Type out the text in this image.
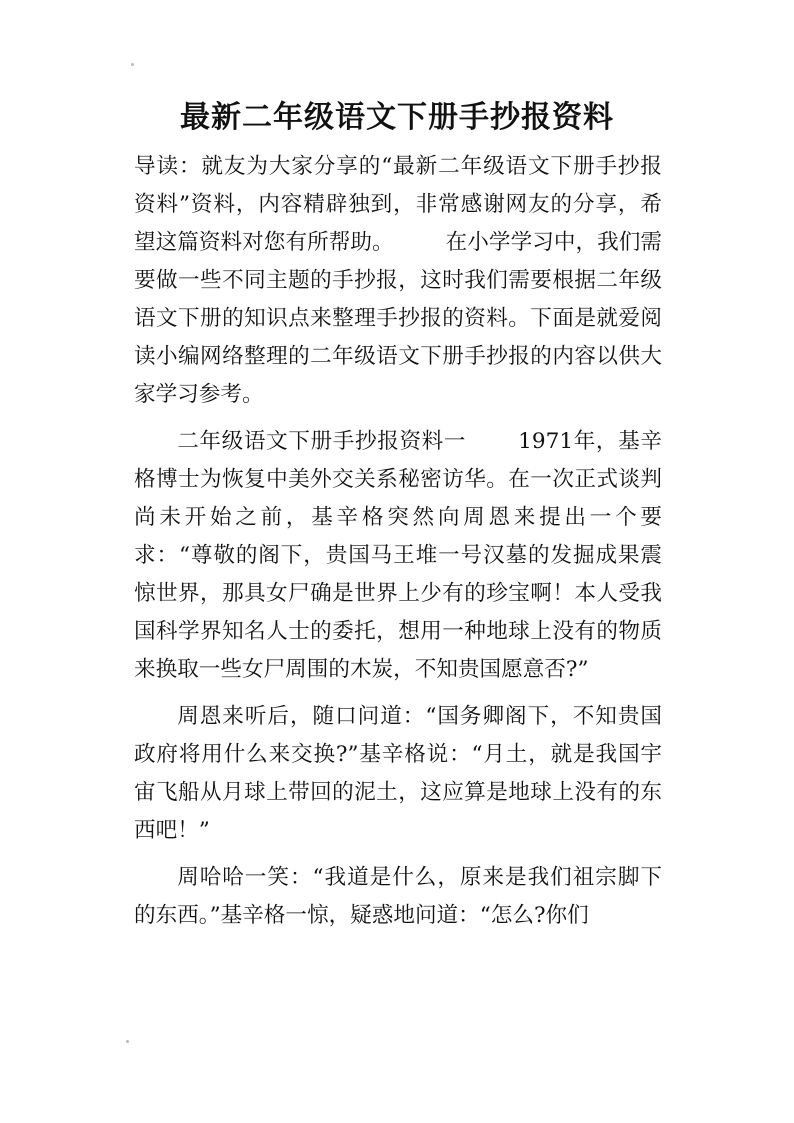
最新二年级语文下册手抄报资料

导读：就友为大家分享的“最新二年级语文下册手抄报资料”资料，内容精辟独到，非常感谢网友的分享，希望这篇资料对您有所帮助。 在小学学习中，我们需要做一些不同主题的手抄报，这时我们需要根据二年级语文下册的知识点来整理手抄报的资料。下面是就爱阅读小编网络整理的二年级语文下册手抄报的内容以供大家学习参考。

二年级语文下册手抄报资料一 1971年，基辛格博士为恢复中美外交关系秘密访华。在一次正式谈判尚未开始之前，基辛格突然向周恩来提出一个要求：“尊敬的阁下，贵国马王堆一号汉墓的发掘成果震惊世界，那具女尸确是世界上少有的珍宝啊！本人受我国科学界知名人士的委托，想用一种地球上没有的物质来换取一些女尸周围的木炭，不知贵国愿意否?”

周恩来听后，随口问道：“国务卿阁下，不知贵国政府将用什么来交换?”基辛格说：“月土，就是我国宇宙飞船从月球上带回的泥土，这应算是地球上没有的东西吧！”

周哈哈一笑：“我道是什么，原来是我们祖宗脚下的东西。”基辛格一惊，疑惑地问道：“怎么?你们
